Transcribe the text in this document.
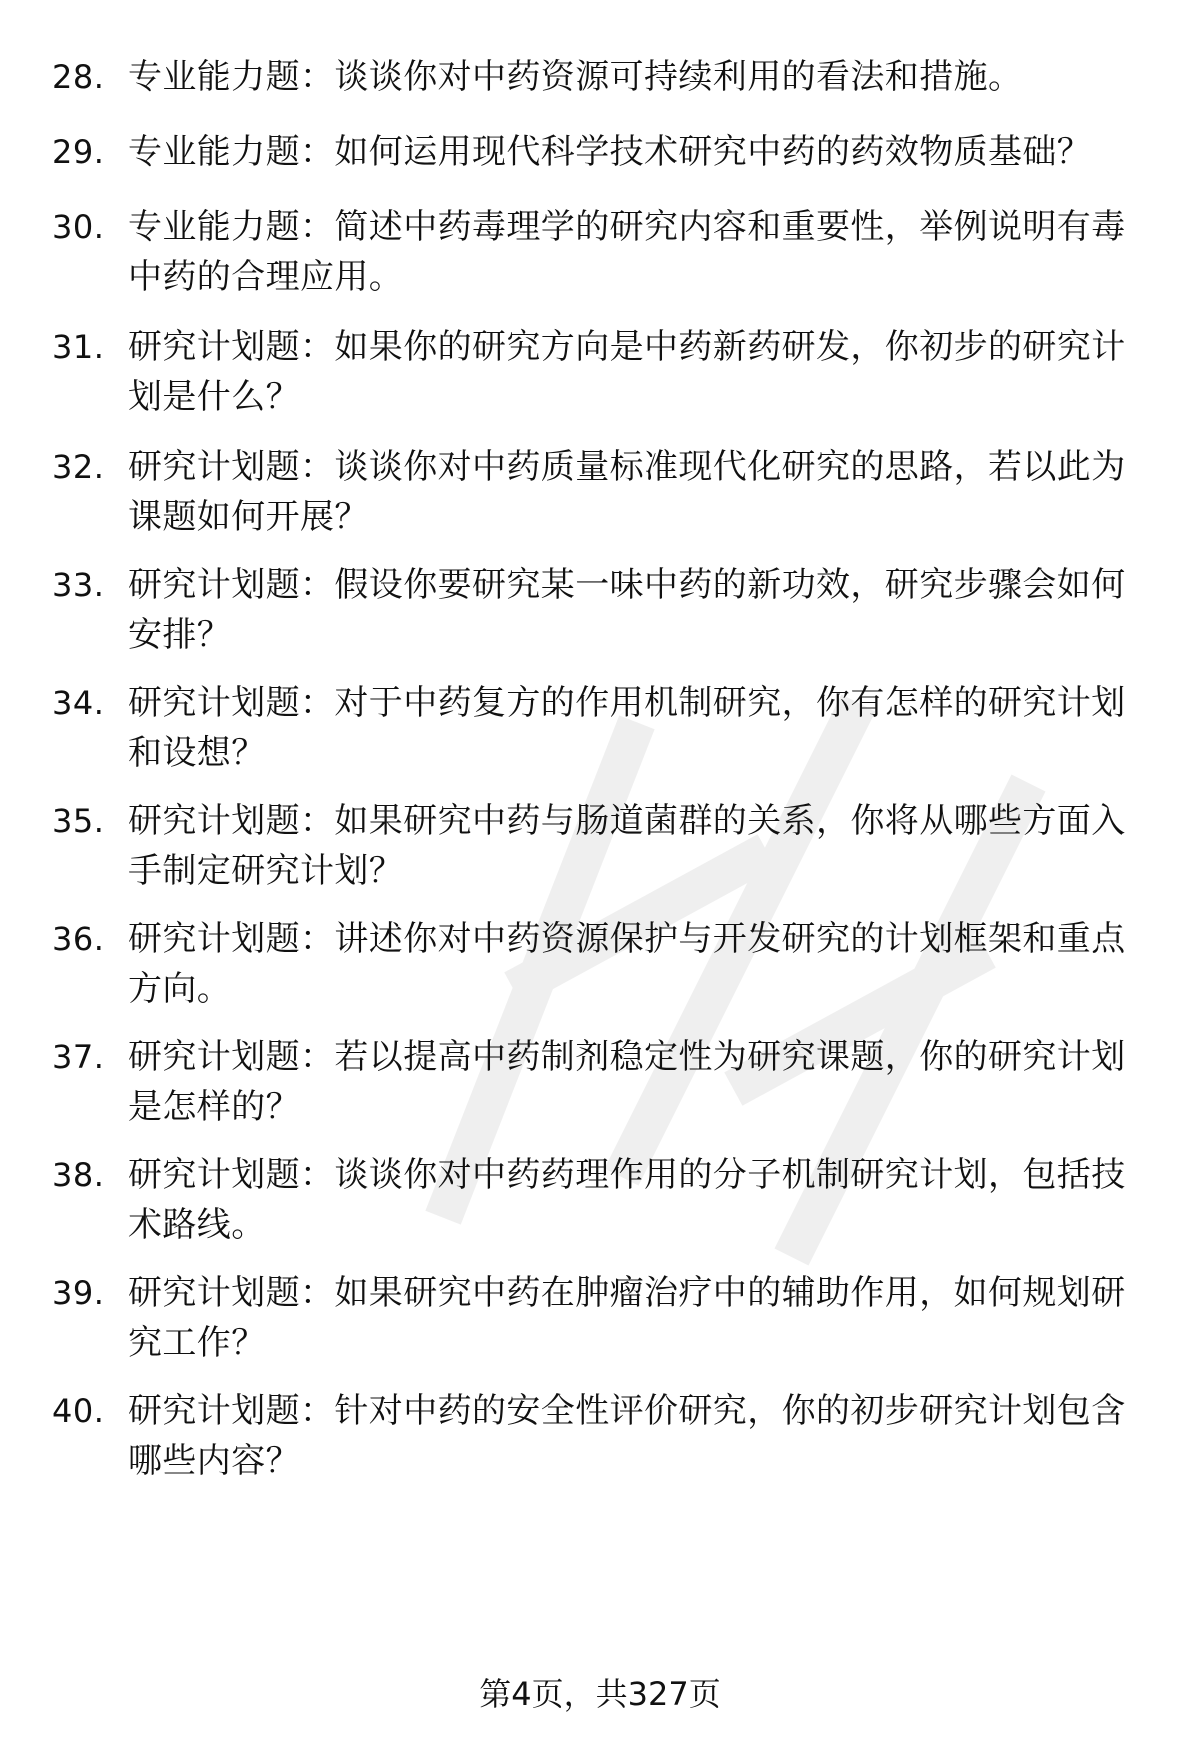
28. 专业能力题：谈谈你对中药资源可持续利用的看法和措施。
29. 专业能力题：如何运用现代科学技术研究中药的药效物质基础？
30. 专业能力题：简述中药毒理学的研究内容和重要性，举例说明有毒中药的合理应用。
31. 研究计划题：如果你的研究方向是中药新药研发，你初步的研究计划是什么？
32. 研究计划题：谈谈你对中药质量标准现代化研究的思路，若以此为课题如何开展？
33. 研究计划题：假设你要研究某一味中药的新功效，研究步骤会如何安排？
34. 研究计划题：对于中药复方的作用机制研究，你有怎样的研究计划和设想？
35. 研究计划题：如果研究中药与肠道菌群的关系，你将从哪些方面入手制定研究计划？
36. 研究计划题：讲述你对中药资源保护与开发研究的计划框架和重点方向。
37. 研究计划题：若以提高中药制剂稳定性为研究课题，你的研究计划是怎样的？
38. 研究计划题：谈谈你对中药药理作用的分子机制研究计划，包括技术路线。
39. 研究计划题：如果研究中药在肿瘤治疗中的辅助作用，如何规划研究工作？
40. 研究计划题：针对中药的安全性评价研究，你的初步研究计划包含哪些内容？
第4页，共327页
